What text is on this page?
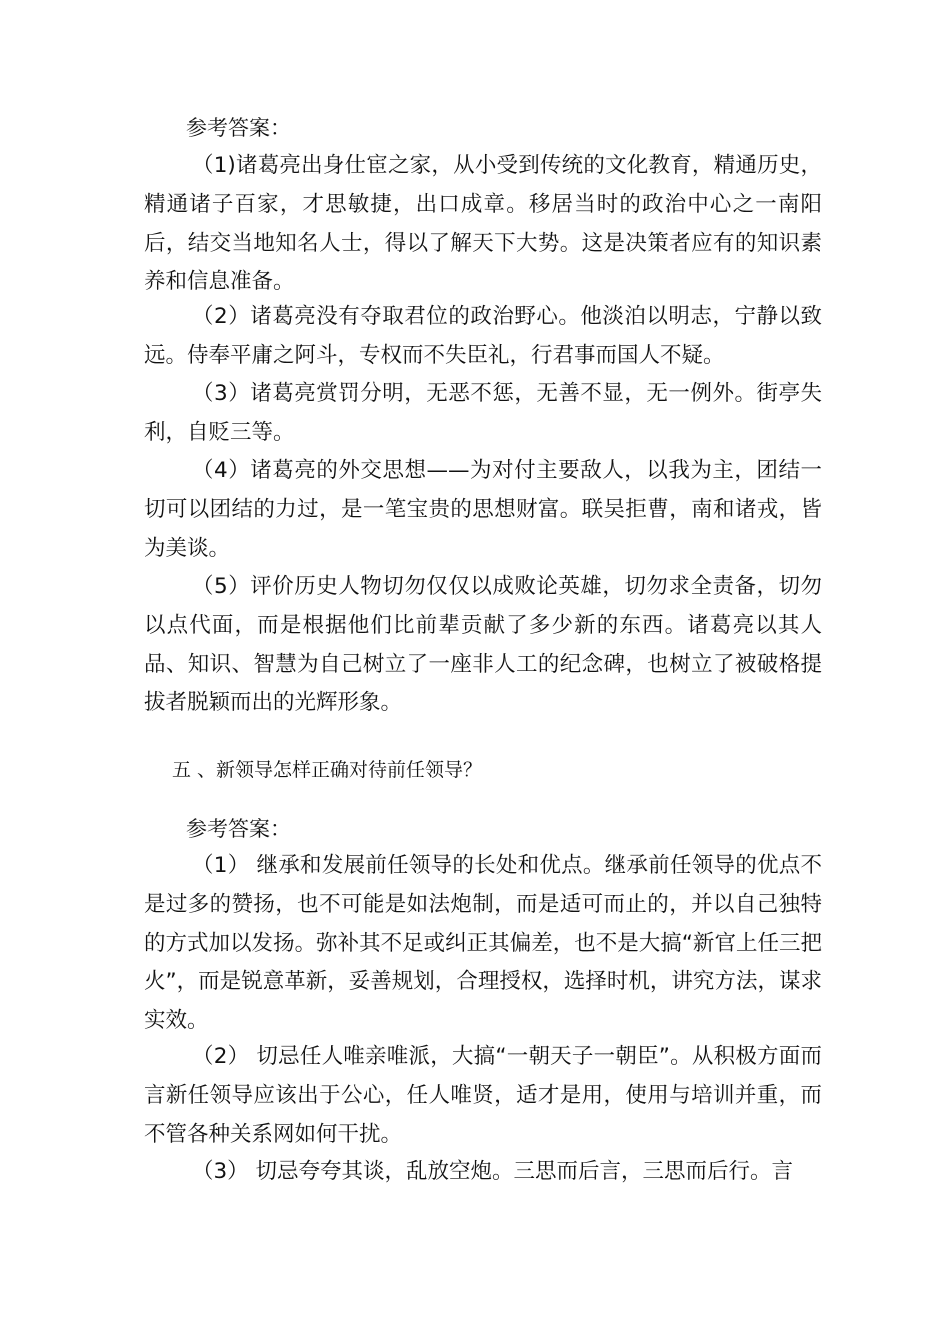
参考答案：

（1)诸葛亮出身仕宦之家，从小受到传统的文化教育，精通历史，精通诸子百家，才思敏捷，出口成章。移居当时的政治中心之一南阳后，结交当地知名人士，得以了解天下大势。这是决策者应有的知识素养和信息准备。

（2）诸葛亮没有夺取君位的政治野心。他淡泊以明志，宁静以致远。侍奉平庸之阿斗，专权而不失臣礼，行君事而国人不疑。

（3）诸葛亮赏罚分明，无恶不惩，无善不显，无一例外。街亭失利，自贬三等。

（4）诸葛亮的外交思想——为对付主要敌人，以我为主，团结一切可以团结的力过，是一笔宝贵的思想财富。联吴拒曹，南和诸戎，皆为美谈。

（5）评价历史人物切勿仅仅以成败论英雄，切勿求全责备，切勿以点代面，而是根据他们比前辈贡献了多少新的东西。诸葛亮以其人品、知识、智慧为自己树立了一座非人工的纪念碑，也树立了被破格提拔者脱颖而出的光辉形象。

五 、新领导怎样正确对待前任领导？
参考答案：

（1） 继承和发展前任领导的长处和优点。继承前任领导的优点不是过多的赞扬，也不可能是如法炮制，而是适可而止的，并以自己独特的方式加以发扬。弥补其不足或纠正其偏差，也不是大搞“新官上任三把火”，而是锐意革新，妥善规划，合理授权，选择时机，讲究方法，谋求实效。

（2） 切忌任人唯亲唯派，大搞“一朝天子一朝臣”。从积极方面而言新任领导应该出于公心，任人唯贤，适才是用，使用与培训并重，而不管各种关系网如何干扰。

（3） 切忌夸夸其谈，乱放空炮。三思而后言，三思而后行。言
